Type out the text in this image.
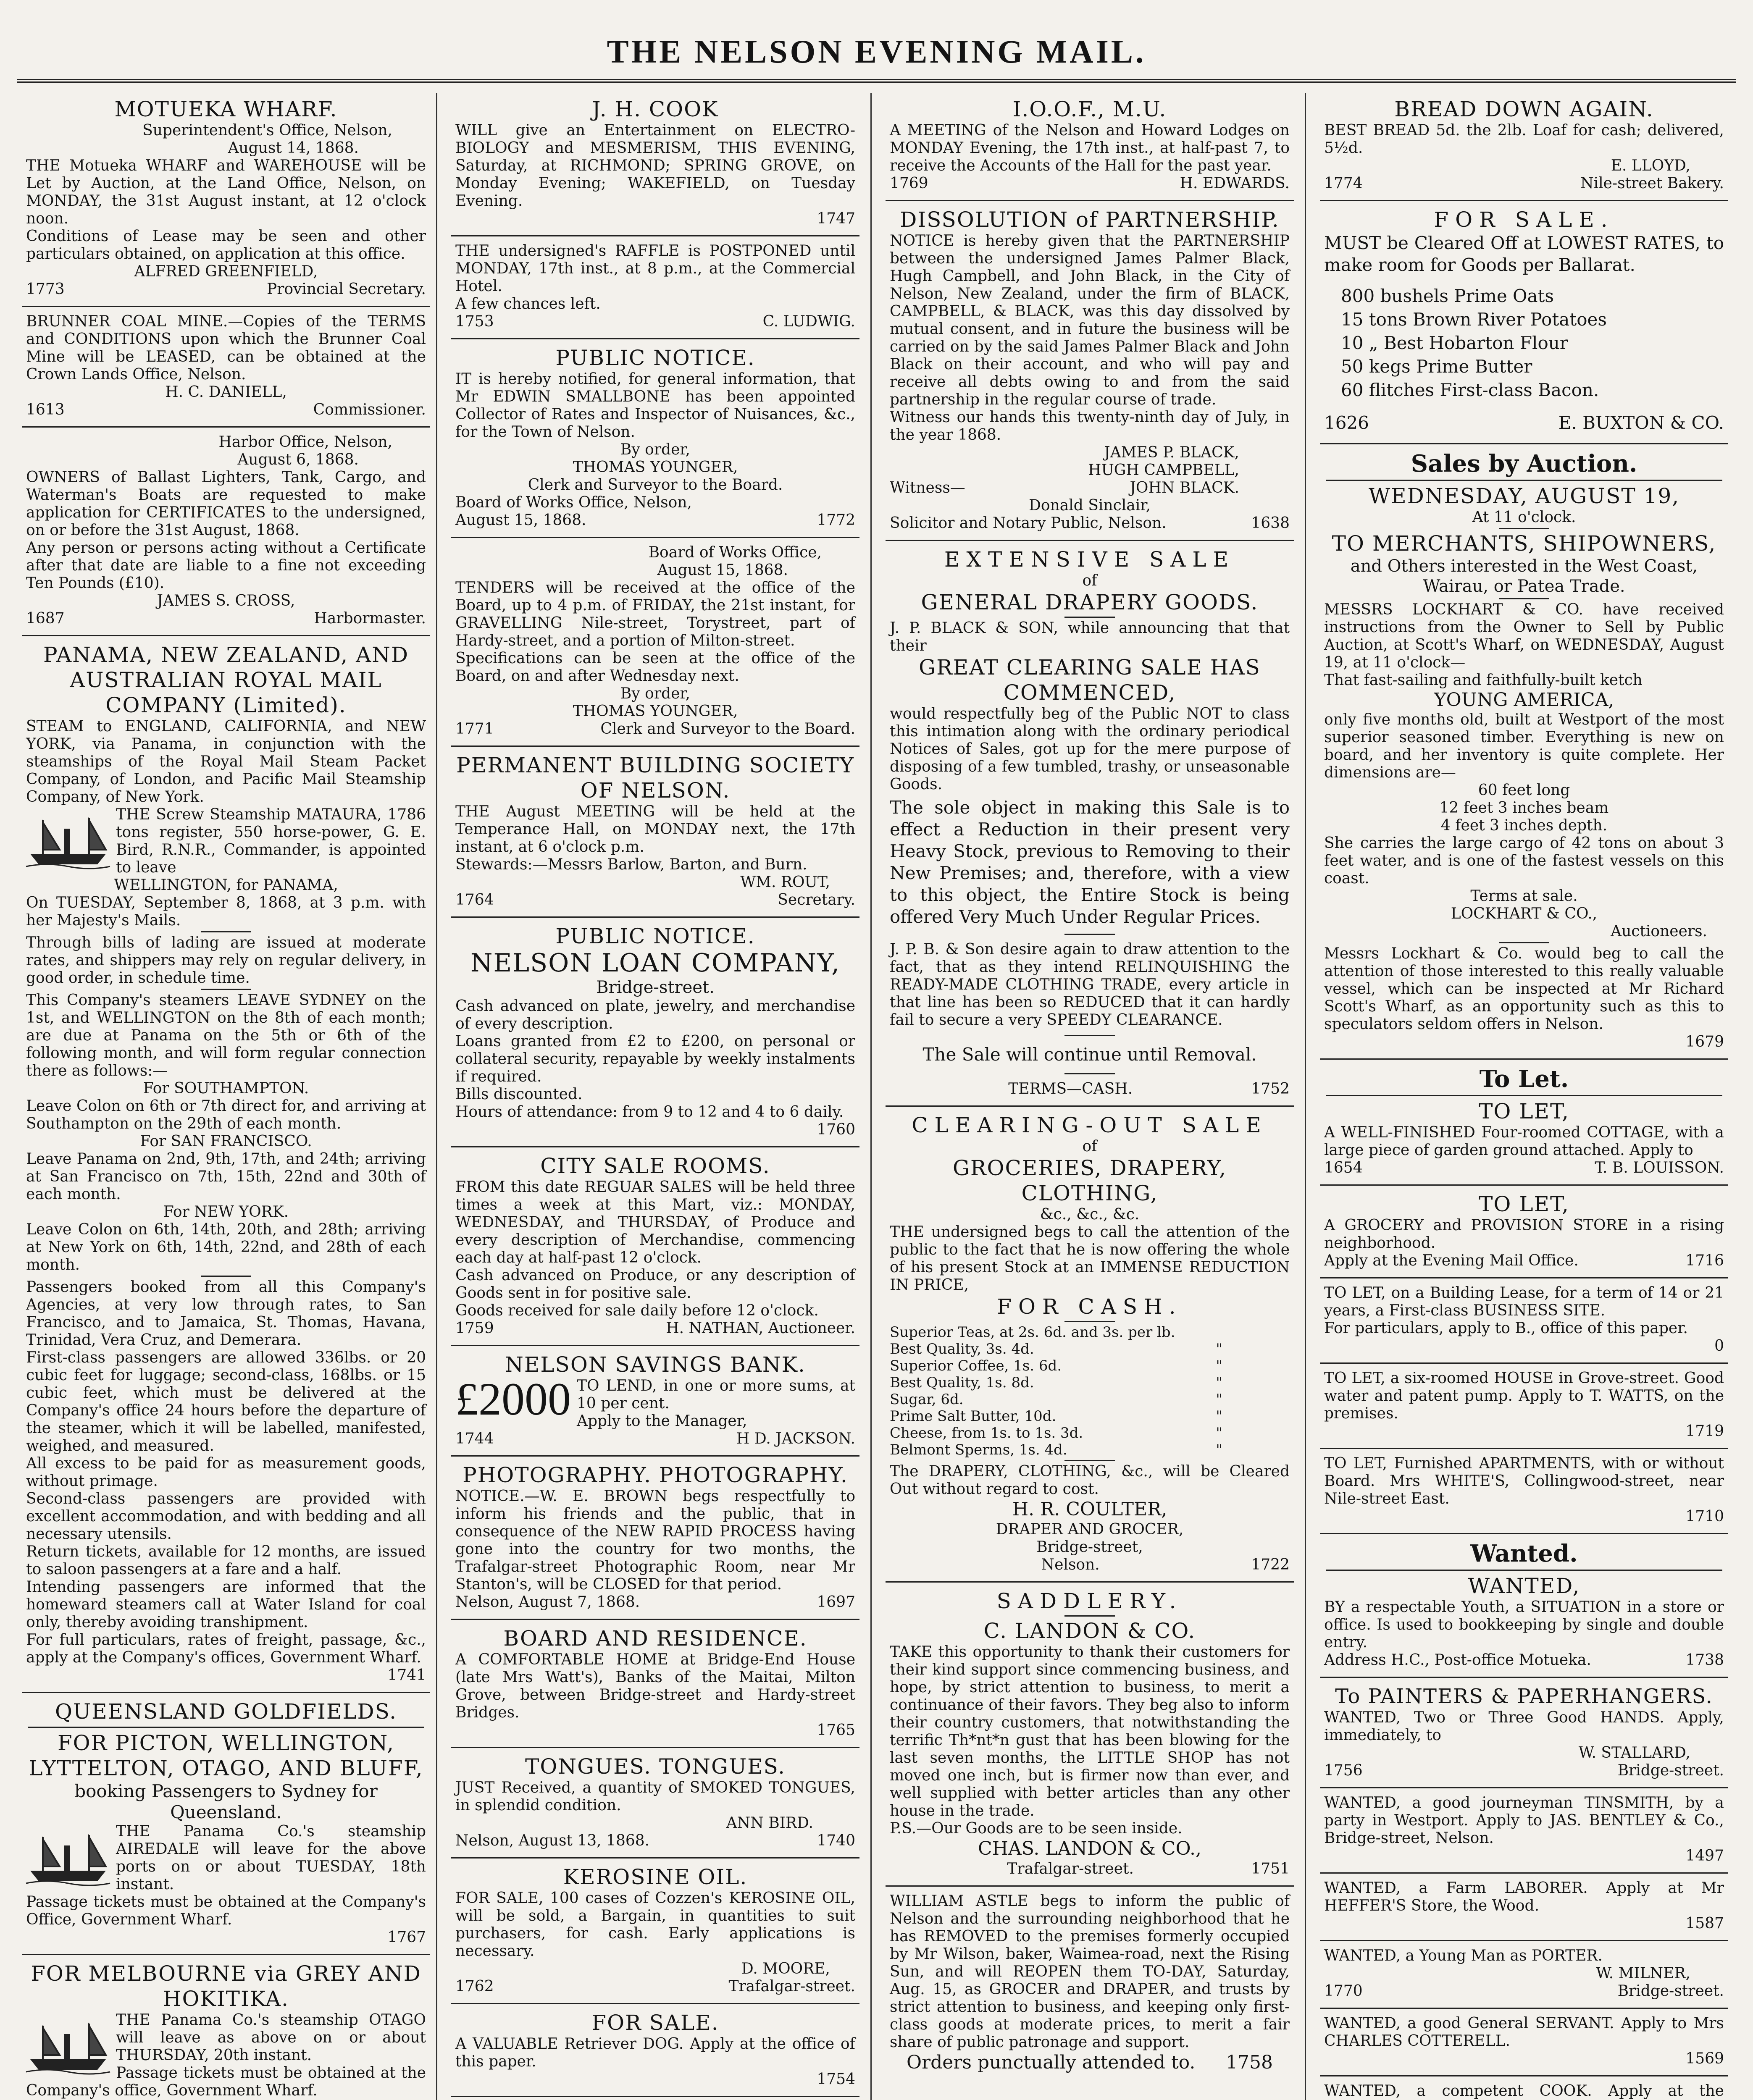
THE NELSON EVENING MAIL.
MOTUEKA WHARF.
Superintendent's Office, Nelson,
August 14, 1868.
THE Motueka WHARF and WAREHOUSE will be Let by Auction, at the Land Office, Nelson, on MONDAY, the 31st August instant, at 12 o'clock noon.
Conditions of Lease may be seen and other particulars obtained, on application at this office.
ALFRED GREENFIELD,
1773	Provincial Secretary.
BRUNNER COAL MINE.—Copies of the TERMS and CONDITIONS upon which the Brunner Coal Mine will be LEASED, can be obtained at the Crown Lands Office, Nelson.
H. C. DANIELL,
1613	Commissioner.
Harbor Office, Nelson,
August 6, 1868.
OWNERS of Ballast Lighters, Tank, Cargo, and Waterman's Boats are requested to make application for CERTIFICATES to the undersigned, on or before the 31st August, 1868.
Any person or persons acting without a Certificate after that date are liable to a fine not exceeding Ten Pounds (£10).
JAMES S. CROSS,
1687	Harbormaster.
PANAMA, NEW ZEALAND, AND AUSTRALIAN ROYAL MAIL COMPANY (Limited).
STEAM to ENGLAND, CALIFORNIA, and NEW YORK, via Panama, in conjunction with the steamships of the Royal Mail Steam Packet Company, of London, and Pacific Mail Steamship Company, of New York.
THE Screw Steamship MATAURA, 1786 tons register, 550 horse-power, G. E. Bird, R.N.R., Commander, is appointed to leave
WELLINGTON, for PANAMA,
On TUESDAY, September 8, 1868, at 3 p.m. with her Majesty's Mails.
Through bills of lading are issued at moderate rates, and shippers may rely on regular delivery, in good order, in schedule time.
This Company's steamers LEAVE SYDNEY on the 1st, and WELLINGTON on the 8th of each month; are due at Panama on the 5th or 6th of the following month, and will form regular connection there as follows:—
For SOUTHAMPTON.
Leave Colon on 6th or 7th direct for, and arriving at Southampton on the 29th of each month.
For SAN FRANCISCO.
Leave Panama on 2nd, 9th, 17th, and 24th; arriving at San Francisco on 7th, 15th, 22nd and 30th of each month.
For NEW YORK.
Leave Colon on 6th, 14th, 20th, and 28th; arriving at New York on 6th, 14th, 22nd, and 28th of each month.
Passengers booked from all this Company's Agencies, at very low through rates, to San Francisco, and to Jamaica, St. Thomas, Havana, Trinidad, Vera Cruz, and Demerara.
First-class passengers are allowed 336lbs. or 20 cubic feet for luggage; second-class, 168lbs. or 15 cubic feet, which must be delivered at the Company's office 24 hours before the departure of the steamer, which it will be labelled, manifested, weighed, and measured.
All excess to be paid for as measurement goods, without primage.
Second-class passengers are provided with excellent accommodation, and with bedding and all necessary utensils.
Return tickets, available for 12 months, are issued to saloon passengers at a fare and a half.
Intending passengers are informed that the homeward steamers call at Water Island for coal only, thereby avoiding transhipment.
For full particulars, rates of freight, passage, &c., apply at the Company's offices, Government Wharf.
1741
QUEENSLAND GOLDFIELDS.
FOR PICTON, WELLINGTON, LYTTELTON, OTAGO, AND BLUFF,
booking Passengers to Sydney for Queensland.
THE Panama Co.'s steamship AIREDALE will leave for the above ports on or about TUESDAY, 18th instant.
Passage tickets must be obtained at the Company's Office, Government Wharf.
1767
FOR MELBOURNE via GREY AND HOKITIKA.
THE Panama Co.'s steamship OTAGO will leave as above on or about THURSDAY, 20th instant.
Passage tickets must be obtained at the Company's office, Government Wharf.
J. H. COOK
WILL give an Entertainment on ELECTRO-BIOLOGY and MESMERISM, THIS EVENING, Saturday, at RICHMOND; SPRING GROVE, on Monday Evening; WAKEFIELD, on Tuesday Evening.
1747
THE undersigned's RAFFLE is POSTPONED until MONDAY, 17th inst., at 8 p.m., at the Commercial Hotel.
A few chances left.
1753	C. LUDWIG.
PUBLIC NOTICE.
IT is hereby notified, for general information, that Mr EDWIN SMALLBONE has been appointed Collector of Rates and Inspector of Nuisances, &c., for the Town of Nelson.
By order,
THOMAS YOUNGER,
Clerk and Surveyor to the Board.
Board of Works Office, Nelson,
August 15, 1868.	1772
Board of Works Office,
August 15, 1868.
TENDERS will be received at the office of the Board, up to 4 p.m. of FRIDAY, the 21st instant, for GRAVELLING Nile-street, Torystreet, part of Hardy-street, and a portion of Milton-street.
Specifications can be seen at the office of the Board, on and after Wednesday next.
By order,
THOMAS YOUNGER,
1771	Clerk and Surveyor to the Board.
PERMANENT BUILDING SOCIETY OF NELSON.
THE August MEETING will be held at the Temperance Hall, on MONDAY next, the 17th instant, at 6 o'clock p.m.
Stewards:—Messrs Barlow, Barton, and Burn.
WM. ROUT,
1764	Secretary.
PUBLIC NOTICE.
NELSON LOAN COMPANY,
Bridge-street.
Cash advanced on plate, jewelry, and merchandise of every description.
Loans granted from £2 to £200, on personal or collateral security, repayable by weekly instalments if required.
Bills discounted.
Hours of attendance: from 9 to 12 and 4 to 6 daily.
1760
CITY SALE ROOMS.
FROM this date REGUAR SALES will be held three times a week at this Mart, viz.: MONDAY, WEDNESDAY, and THURSDAY, of Produce and every description of Merchandise, commencing each day at half-past 12 o'clock.
Cash advanced on Produce, or any description of Goods sent in for positive sale.
Goods received for sale daily before 12 o'clock.
1759	H. NATHAN, Auctioneer.
NELSON SAVINGS BANK.
£2000 TO LEND, in one or more sums, at 10 per cent.
Apply to the Manager,
1744	H D. JACKSON.
PHOTOGRAPHY. PHOTOGRAPHY.
NOTICE.—W. E. BROWN begs respectfully to inform his friends and the public, that in consequence of the NEW RAPID PROCESS having gone into the country for two months, the Trafalgar-street Photographic Room, near Mr Stanton's, will be CLOSED for that period.
Nelson, August 7, 1868.	1697
BOARD AND RESIDENCE.
A COMFORTABLE HOME at Bridge-End House (late Mrs Watt's), Banks of the Maitai, Milton Grove, between Bridge-street and Hardy-street Bridges.
1765
TONGUES. TONGUES.
JUST Received, a quantity of SMOKED TONGUES, in splendid condition.
ANN BIRD.
Nelson, August 13, 1868.	1740
KEROSINE OIL.
FOR SALE, 100 cases of Cozzen's KEROSINE OIL, will be sold, a Bargain, in quantities to suit purchasers, for cash. Early applications is necessary.
D. MOORE,
1762	Trafalgar-street.
FOR SALE.
A VALUABLE Retriever DOG. Apply at the office of this paper.
1754
I.O.O.F., M.U.
A MEETING of the Nelson and Howard Lodges on MONDAY Evening, the 17th inst., at half-past 7, to receive the Accounts of the Hall for the past year.
1769	H. EDWARDS.
DISSOLUTION of PARTNERSHIP.
NOTICE is hereby given that the PARTNERSHIP between the undersigned James Palmer Black, Hugh Campbell, and John Black, in the City of Nelson, New Zealand, under the firm of BLACK, CAMPBELL, & BLACK, was this day dissolved by mutual consent, and in future the business will be carried on by the said James Palmer Black and John Black on their account, and who will pay and receive all debts owing to and from the said partnership in the regular course of trade.
Witness our hands this twenty-ninth day of July, in the year 1868.
JAMES P. BLACK,
HUGH CAMPBELL,
Witness—	JOHN BLACK.
Donald Sinclair,
Solicitor and Notary Public, Nelson.	1638
EXTENSIVE SALE
of
GENERAL DRAPERY GOODS.
J. P. BLACK & SON, while announcing that that their
GREAT CLEARING SALE HAS COMMENCED,
would respectfully beg of the Public NOT to class this intimation along with the ordinary periodical Notices of Sales, got up for the mere purpose of disposing of a few tumbled, trashy, or unseasonable Goods.
The sole object in making this Sale is to effect a Reduction in their present very Heavy Stock, previous to Removing to their New Premises; and, therefore, with a view to this object, the Entire Stock is being offered Very Much Under Regular Prices.
J. P. B. & Son desire again to draw attention to the fact, that as they intend RELINQUISHING the READY-MADE CLOTHING TRADE, every article in that line has been so REDUCED that it can hardly fail to secure a very SPEEDY CLEARANCE.
The Sale will continue until Removal.
TERMS—CASH.	1752
CLEARING-OUT SALE
of
GROCERIES, DRAPERY, CLOTHING,
&c., &c., &c.
THE undersigned begs to call the attention of the public to the fact that he is now offering the whole of his present Stock at an IMMENSE REDUCTION IN PRICE,
FOR CASH.
Superior Teas, at 2s. 6d. and 3s. per lb.
Best Quality, 3s. 4d.	"
Superior Coffee, 1s. 6d.	"
Best Quality, 1s. 8d.	"
Sugar, 6d.	"
Prime Salt Butter, 10d.	"
Cheese, from 1s. to 1s. 3d.	"
Belmont Sperms, 1s. 4d.	"
The DRAPERY, CLOTHING, &c., will be Cleared Out without regard to cost.
H. R. COULTER,
DRAPER AND GROCER,
Bridge-street,
Nelson.	1722
SADDLERY.
C. LANDON & CO.
TAKE this opportunity to thank their customers for their kind support since commencing business, and hope, by strict attention to business, to merit a continuance of their favors. They beg also to inform their country customers, that notwithstanding the terrific Th*nt*n gust that has been blowing for the last seven months, the LITTLE SHOP has not moved one inch, but is firmer now than ever, and well supplied with better articles than any other house in the trade.
P.S.—Our Goods are to be seen inside.
CHAS. LANDON & CO.,
Trafalgar-street.	1751
WILLIAM ASTLE begs to inform the public of Nelson and the surrounding neighborhood that he has REMOVED to the premises formerly occupied by Mr Wilson, baker, Waimea-road, next the Rising Sun, and will REOPEN them TO-DAY, Saturday, Aug. 15, as GROCER and DRAPER, and trusts by strict attention to business, and keeping only first-class goods at moderate prices, to merit a fair share of public patronage and support.
Orders punctually attended to. 1758
BREAD DOWN AGAIN.
BEST BREAD 5d. the 2lb. Loaf for cash; delivered, 5½d.
E. LLOYD,
1774	Nile-street Bakery.
FOR SALE.
MUST be Cleared Off at LOWEST RATES, to make room for Goods per Ballarat.
800 bushels Prime Oats
15 tons Brown River Potatoes
10 „ Best Hobarton Flour
50 kegs Prime Butter
60 flitches First-class Bacon.
1626	E. BUXTON & CO.
Sales by Auction.
WEDNESDAY, AUGUST 19,
At 11 o'clock.
TO MERCHANTS, SHIPOWNERS,
and Others interested in the West Coast, Wairau, or Patea Trade.
MESSRS LOCKHART & CO. have received instructions from the Owner to Sell by Public Auction, at Scott's Wharf, on WEDNESDAY, August 19, at 11 o'clock—
That fast-sailing and faithfully-built ketch
YOUNG AMERICA,
only five months old, built at Westport of the most superior seasoned timber. Everything is new on board, and her inventory is quite complete. Her dimensions are—
60 feet long
12 feet 3 inches beam
4 feet 3 inches depth.
She carries the large cargo of 42 tons on about 3 feet water, and is one of the fastest vessels on this coast.
Terms at sale.
LOCKHART & CO.,
Auctioneers.
Messrs Lockhart & Co. would beg to call the attention of those interested to this really valuable vessel, which can be inspected at Mr Richard Scott's Wharf, as an opportunity such as this to speculators seldom offers in Nelson.
1679
To Let.
TO LET,
A WELL-FINISHED Four-roomed COTTAGE, with a large piece of garden ground attached. Apply to
1654	T. B. LOUISSON.
TO LET,
A GROCERY and PROVISION STORE in a rising neighborhood.
Apply at the Evening Mail Office.	1716
TO LET, on a Building Lease, for a term of 14 or 21 years, a First-class BUSINESS SITE.
For particulars, apply to B., office of this paper.
0
TO LET, a six-roomed HOUSE in Grove-street. Good water and patent pump. Apply to T. WATTS, on the premises.
1719
TO LET, Furnished APARTMENTS, with or without Board. Mrs WHITE'S, Collingwood-street, near Nile-street East.
1710
Wanted.
WANTED,
BY a respectable Youth, a SITUATION in a store or office. Is used to bookkeeping by single and double entry.
Address H.C., Post-office Motueka.	1738
To PAINTERS & PAPERHANGERS.
WANTED, Two or Three Good HANDS. Apply, immediately, to
W. STALLARD,
1756	Bridge-street.
WANTED, a good journeyman TINSMITH, by a party in Westport. Apply to JAS. BENTLEY & Co., Bridge-street, Nelson.
1497
WANTED, a Farm LABORER. Apply at Mr HEFFER'S Store, the Wood.
1587
WANTED, a Young Man as PORTER.
W. MILNER,
1770	Bridge-street.
WANTED, a good General SERVANT. Apply to Mrs CHARLES COTTERELL.
1569
WANTED, a competent COOK. Apply at the
